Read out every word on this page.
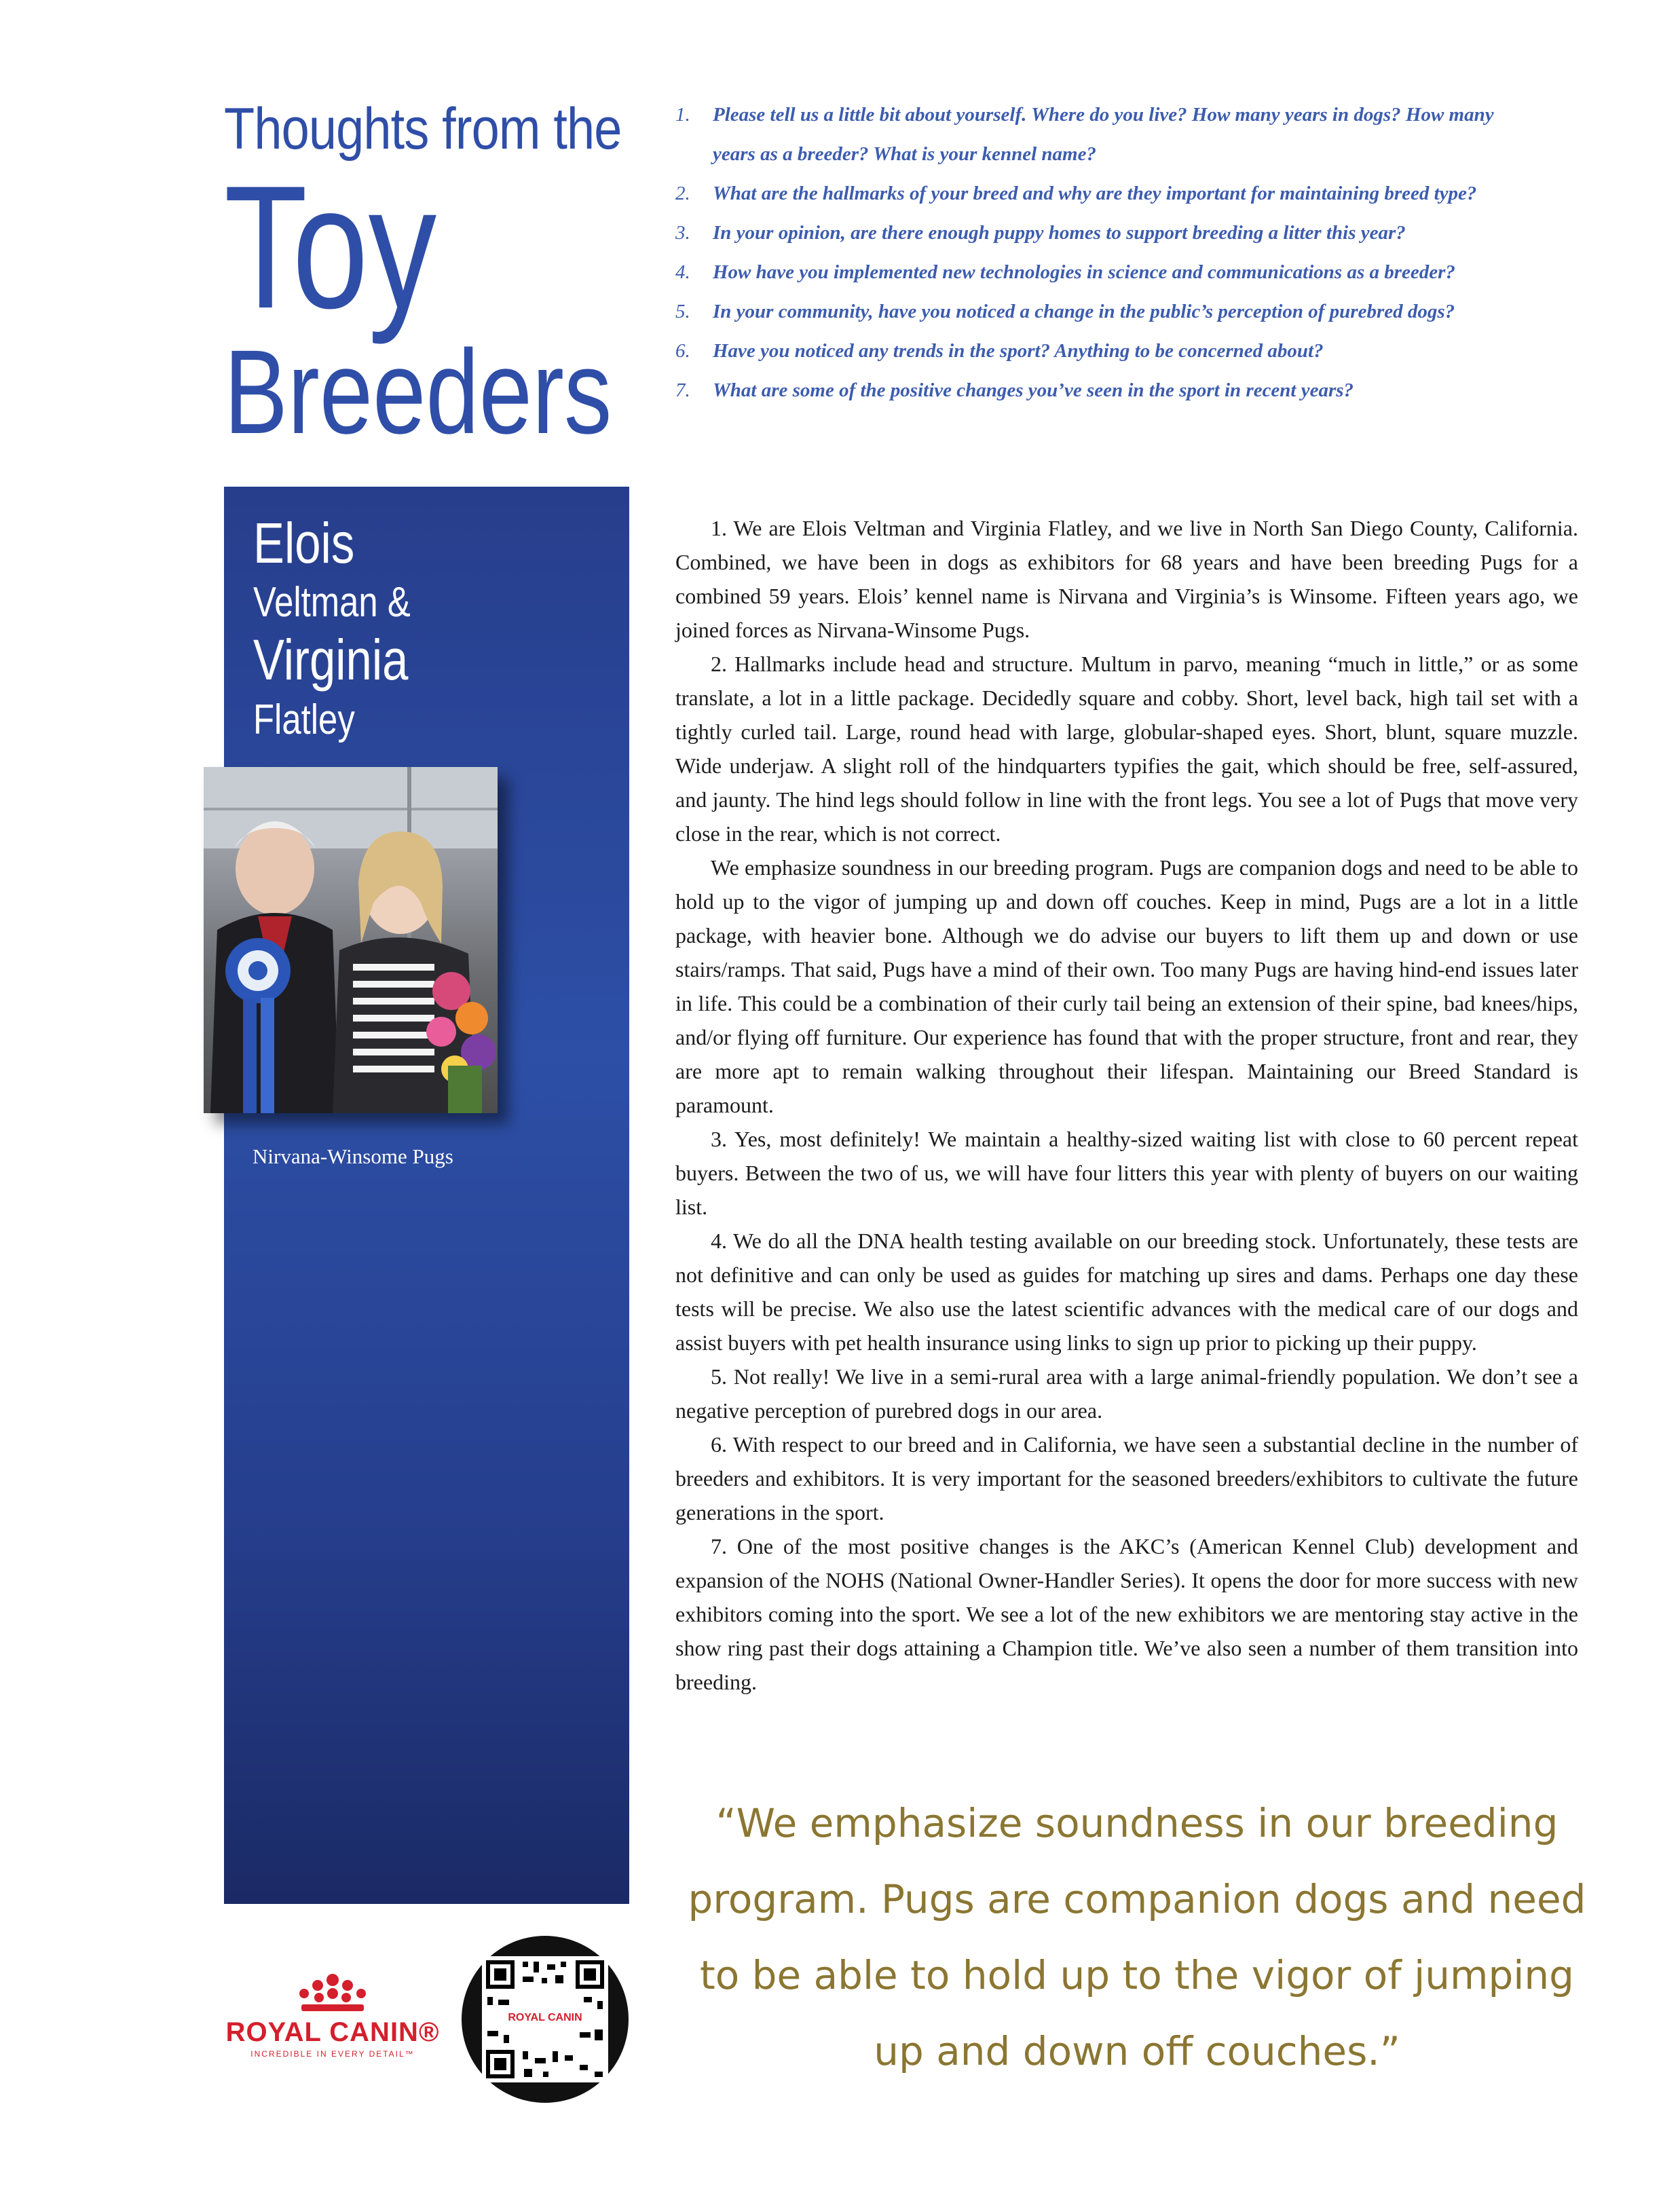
Thoughts from the
Toy
Breeders
1.	Please tell us a little bit about yourself. Where do you live? How many years in dogs? How many
years as a breeder? What is your kennel name?
2.	What are the hallmarks of your breed and why are they important for maintaining breed type?
3.	In your opinion, are there enough puppy homes to support breeding a litter this year?
4.	How have you implemented new technologies in science and communications as a breeder?
5.	In your community, have you noticed a change in the public’s perception of purebred dogs?
6.	Have you noticed any trends in the sport? Anything to be concerned about?
7.	What are some of the positive changes you’ve seen in the sport in recent years?
Elois
Veltman &
Virginia
Flatley
Nirvana-Winsome Pugs

1. We are Elois Veltman and Virginia Flatley, and we live in North San Diego County, California. Combined, we have been in dogs as exhibitors for 68 years and have been breeding Pugs for a combined 59 years. Elois’ kennel name is Nirvana and Virginia’s is Winsome. Fifteen years ago, we joined forces as Nirvana-Winsome Pugs.

2. Hallmarks include head and structure. Multum in parvo, meaning “much in little,” or as some translate, a lot in a little package. Decidedly square and cobby. Short, level back, high tail set with a tightly curled tail. Large, round head with large, globular-shaped eyes. Short, blunt, square muzzle. Wide underjaw. A slight roll of the hindquarters typifies the gait, which should be free, self-assured, and jaunty. The hind legs should follow in line with the front legs. You see a lot of Pugs that move very close in the rear, which is not correct.

We emphasize soundness in our breeding program. Pugs are companion dogs and need to be able to hold up to the vigor of jumping up and down off couches. Keep in mind, Pugs are a lot in a little package, with heavier bone. Although we do advise our buyers to lift them up and down or use stairs/ramps. That said, Pugs have a mind of their own. Too many Pugs are having hind-end issues later in life. This could be a combination of their curly tail being an extension of their spine, bad knees/hips, and/or flying off furniture. Our experience has found that with the proper structure, front and rear, they are more apt to remain walking throughout their lifespan. Maintaining our Breed Standard is paramount.

3. Yes, most definitely! We maintain a healthy-sized waiting list with close to 60 percent repeat buyers. Between the two of us, we will have four litters this year with plenty of buyers on our waiting list.

4. We do all the DNA health testing available on our breeding stock. Unfortunately, these tests are not definitive and can only be used as guides for matching up sires and dams. Perhaps one day these tests will be precise. We also use the latest scientific advances with the medical care of our dogs and assist buyers with pet health insurance using links to sign up prior to picking up their puppy.

5. Not really! We live in a semi-rural area with a large animal-friendly population. We don’t see a negative perception of purebred dogs in our area.

6. With respect to our breed and in California, we have seen a substantial decline in the number of breeders and exhibitors. It is very important for the seasoned breeders/exhibitors to cultivate the future generations in the sport.

7. One of the most positive changes is the AKC’s (American Kennel Club) development and expansion of the NOHS (National Owner-Handler Series). It opens the door for more success with new exhibitors coming into the sport. We see a lot of the new exhibitors we are mentoring stay active in the show ring past their dogs attaining a Champion title. We’ve also seen a number of them transition into breeding.

“We emphasize soundness in our breeding program. Pugs are companion dogs and need to be able to hold up to the vigor of jumping up and down off couches.”
ROYAL CANIN®
INCREDIBLE IN EVERY DETAIL™
ROYAL CANIN
